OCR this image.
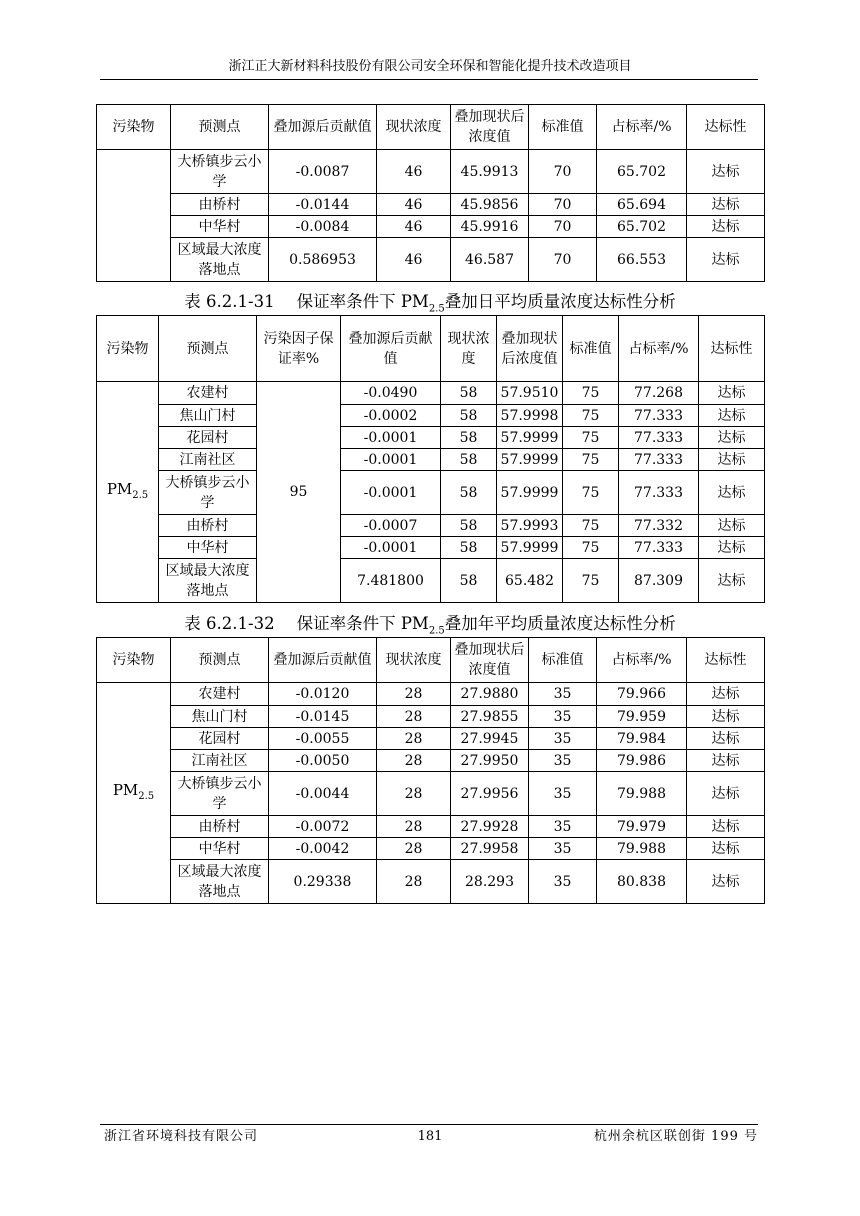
浙江正大新材料科技股份有限公司安全环保和智能化提升技术改造项目
污染物	预测点	叠加源后贡献值	现状浓度	叠加现状后浓度值	标准值	占标率/%	达标性
	大桥镇步云小学	-0.0087	46	45.9913	70	65.702	达标
	由桥村	-0.0144	46	45.9856	70	65.694	达标
	中华村	-0.0084	46	45.9916	70	65.702	达标
	区域最大浓度落地点	0.586953	46	46.587	70	66.553	达标
表 6.2.1-31 保证率条件下 $PM_{2.5}$叠加日平均质量浓度达标性分析
污染物	预测点	污染因子保证率%	叠加源后贡献值	现状浓度	叠加现状后浓度值	标准值	占标率/%	达标性
$PM_{2.5}$	农建村	95	-0.0490	58	57.9510	75	77.268	达标
	焦山门村		-0.0002	58	57.9998	75	77.333	达标
	花园村		-0.0001	58	57.9999	75	77.333	达标
	江南社区		-0.0001	58	57.9999	75	77.333	达标
	大桥镇步云小学		-0.0001	58	57.9999	75	77.333	达标
	由桥村		-0.0007	58	57.9993	75	77.332	达标
	中华村		-0.0001	58	57.9999	75	77.333	达标
	区域最大浓度落地点		7.481800	58	65.482	75	87.309	达标
表 6.2.1-32 保证率条件下 $PM_{2.5}$叠加年平均质量浓度达标性分析
污染物	预测点	叠加源后贡献值	现状浓度	叠加现状后浓度值	标准值	占标率/%	达标性
$PM_{2.5}$	农建村	-0.0120	28	27.9880	35	79.966	达标
	焦山门村	-0.0145	28	27.9855	35	79.959	达标
	花园村	-0.0055	28	27.9945	35	79.984	达标
	江南社区	-0.0050	28	27.9950	35	79.986	达标
	大桥镇步云小学	-0.0044	28	27.9956	35	79.988	达标
	由桥村	-0.0072	28	27.9928	35	79.979	达标
	中华村	-0.0042	28	27.9958	35	79.988	达标
	区域最大浓度落地点	0.29338	28	28.293	35	80.838	达标
浙江省环境科技有限公司	181	杭州余杭区联创街 199 号
